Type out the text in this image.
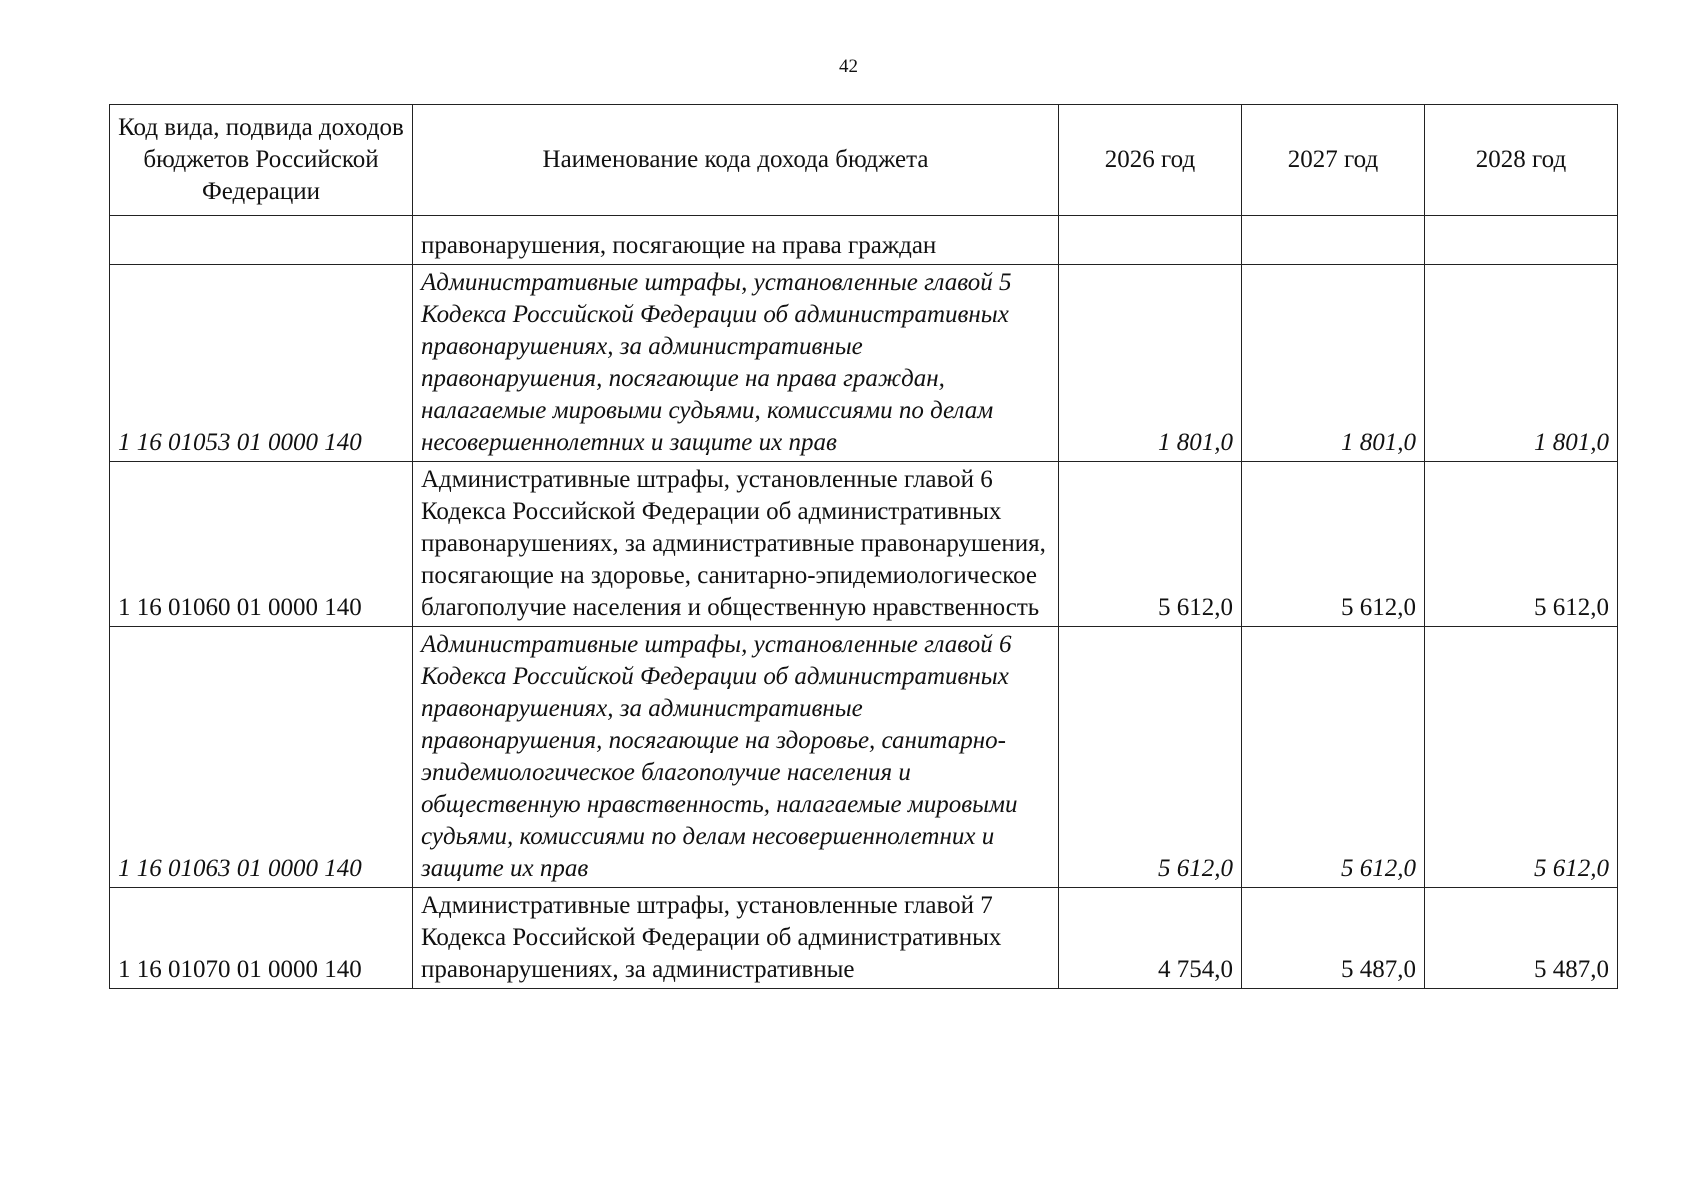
42
Код вида, подвида доходов бюджетов Российской Федерации	Наименование кода дохода бюджета	2026 год	2027 год	2028 год
	правонарушения, посягающие на права граждан			
1 16 01053 01 0000 140	Административные штрафы, установленные главой 5 Кодекса Российской Федерации об административных правонарушениях, за административные правонарушения, посягающие на права граждан, налагаемые мировыми судьями, комиссиями по делам несовершеннолетних и защите их прав	1 801,0	1 801,0	1 801,0
1 16 01060 01 0000 140	Административные штрафы, установленные главой 6 Кодекса Российской Федерации об административных правонарушениях, за административные правонарушения, посягающие на здоровье, санитарно-эпидемиологическое благополучие населения и общественную нравственность	5 612,0	5 612,0	5 612,0
1 16 01063 01 0000 140	Административные штрафы, установленные главой 6 Кодекса Российской Федерации об административных правонарушениях, за административные правонарушения, посягающие на здоровье, санитарно-эпидемиологическое благополучие населения и общественную нравственность, налагаемые мировыми судьями, комиссиями по делам несовершеннолетних и защите их прав	5 612,0	5 612,0	5 612,0
1 16 01070 01 0000 140	Административные штрафы, установленные главой 7 Кодекса Российской Федерации об административных правонарушениях, за административные	4 754,0	5 487,0	5 487,0
